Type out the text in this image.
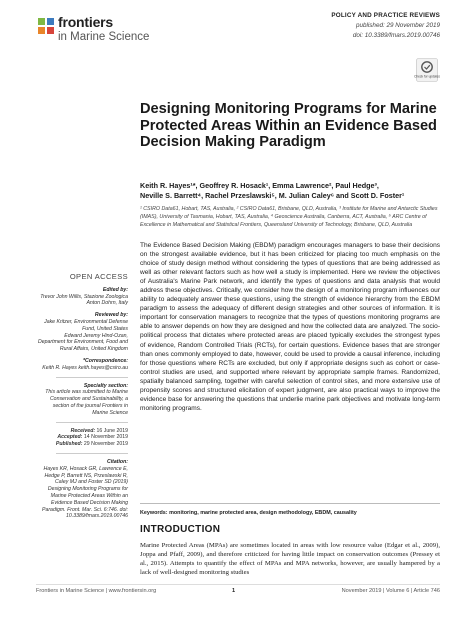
frontiers
in Marine Science
POLICY AND PRACTICE REVIEWS
published: 29 November 2019
doi: 10.3389/fmars.2019.00746
Check for updates
Designing Monitoring Programs for Marine Protected Areas Within an Evidence Based Decision Making Paradigm
Keith R. Hayes¹*, Geoffrey R. Hosack¹, Emma Lawrence², Paul Hedge³,
Neville S. Barrett⁴, Rachel Przeslawski⁵, M. Julian Caley⁶ and Scott D. Foster¹
¹ CSIRO Data61, Hobart, TAS, Australia, ² CSIRO Data61, Brisbane, QLD, Australia, ³ Institute for Marine and Antarctic Studies (IMAS), University of Tasmania, Hobart, TAS, Australia, ⁴ Geoscience Australia, Canberra, ACT, Australia, ⁵ ARC Centre of Excellence in Mathematical and Statistical Frontiers, Queensland University of Technology, Brisbane, QLD, Australia
The Evidence Based Decision Making (EBDM) paradigm encourages managers to base their decisions on the strongest available evidence, but it has been criticized for placing too much emphasis on the choice of study design method without considering the types of questions that are being addressed as well as other relevant factors such as how well a study is implemented. Here we review the objectives of Australia's Marine Park network, and identify the types of questions and data analysis that would address these objectives. Critically, we consider how the design of a monitoring program influences our ability to adequately answer these questions, using the strength of evidence hierarchy from the EBDM paradigm to assess the adequacy of different design strategies and other sources of information. It is important for conservation managers to recognize that the types of questions monitoring programs are able to answer depends on how they are designed and how the collected data are analyzed. The socio-political process that dictates where protected areas are placed typically excludes the strongest types of evidence, Random Controlled Trials (RCTs), for certain questions. Evidence bases that are stronger than ones commonly employed to date, however, could be used to provide a causal inference, including for those questions where RCTs are excluded, but only if appropriate designs such as cohort or case-control studies are used, and supported where relevant by appropriate sample frames. Randomized, spatially balanced sampling, together with careful selection of control sites, and more extensive use of propensity scores and structured elicitation of expert judgment, are also practical ways to improve the evidence base for answering the questions that underlie marine park objectives and motivate long-term monitoring programs.
Keywords: monitoring, marine protected area, design methodology, EBDM, causality
INTRODUCTION
Marine Protected Areas (MPAs) are sometimes located in areas with low resource value (Edgar et al., 2009), Joppa and Pfaff, 2009), and therefore criticized for having little impact on conservation outcomes (Pressey et al., 2015). Attempts to quantify the effect of MPAs and MPA networks, however, are usually hampered by a lack of well-designed monitoring studies
OPEN ACCESS
Edited by:
Trevor John Willis, Stazione Zoologica Anton Dohrn, Italy
Reviewed by:
Jake Kritzer, Environmental Defense Fund, United States
Edward Jeremy Hind-Ozan, Department for Environment, Food and Rural Affairs, United Kingdom
*Correspondence:
Keith R. Hayes keith.hayes@csiro.au
Specialty section:
This article was submitted to Marine Conservation and Sustainability, a section of the journal Frontiers in Marine Science
Received: 16 June 2019
Accepted: 14 November 2019
Published: 29 November 2019
Citation:
Hayes KR, Hosack GR, Lawrence E, Hedge P, Barrett NS, Przeslawski R, Caley MJ and Foster SD (2019) Designing Monitoring Programs for Marine Protected Areas Within an Evidence Based Decision Making Paradigm. Front. Mar. Sci. 6:746. doi: 10.3389/fmars.2019.00746
Frontiers in Marine Science | www.frontiersin.org	1	November 2019 | Volume 6 | Article 746
